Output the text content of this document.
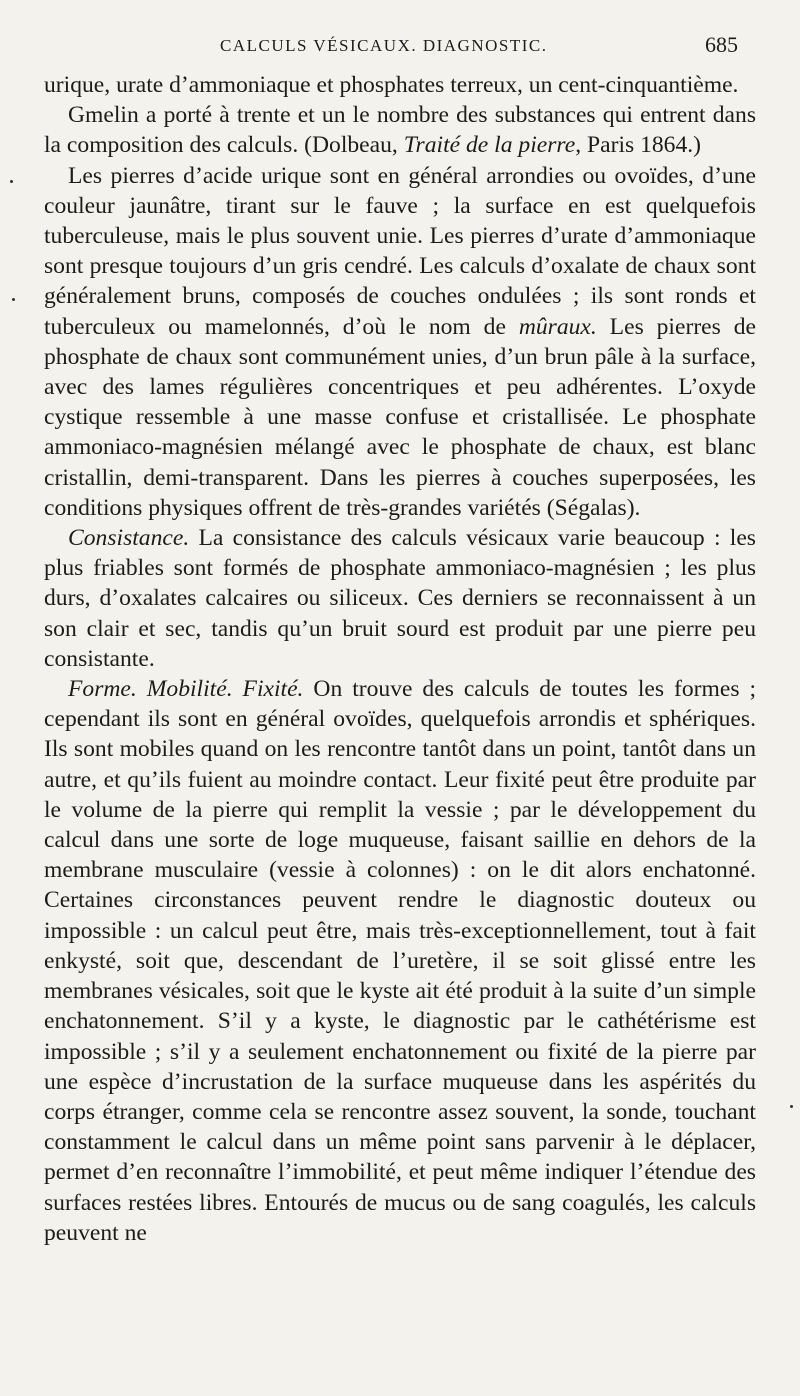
CALCULS VÉSICAUX. DIAGNOSTIC.	685

urique, urate d’ammoniaque et phosphates terreux, un cent-cinquantième.

Gmelin a porté à trente et un le nombre des substances qui entrent dans la composition des calculs. (Dolbeau, Traité de la pierre, Paris 1864.)

Les pierres d’acide urique sont en général arrondies ou ovoïdes, d’une couleur jaunâtre, tirant sur le fauve ; la surface en est quelquefois tuberculeuse, mais le plus souvent unie. Les pierres d’urate d’ammoniaque sont presque toujours d’un gris cendré. Les calculs d’oxalate de chaux sont généralement bruns, composés de couches ondulées ; ils sont ronds et tuberculeux ou mamelonnés, d’où le nom de mûraux. Les pierres de phosphate de chaux sont communément unies, d’un brun pâle à la surface, avec des lames régulières concentriques et peu adhérentes. L’oxyde cystique ressemble à une masse confuse et cristallisée. Le phosphate ammoniaco-magnésien mélangé avec le phosphate de chaux, est blanc cristallin, demi-transparent. Dans les pierres à couches superposées, les conditions physiques offrent de très-grandes variétés (Ségalas).

Consistance. La consistance des calculs vésicaux varie beaucoup : les plus friables sont formés de phosphate ammoniaco-magnésien ; les plus durs, d’oxalates calcaires ou siliceux. Ces derniers se reconnaissent à un son clair et sec, tandis qu’un bruit sourd est produit par une pierre peu consistante.

Forme. Mobilité. Fixité. On trouve des calculs de toutes les formes ; cependant ils sont en général ovoïdes, quelquefois arrondis et sphériques. Ils sont mobiles quand on les rencontre tantôt dans un point, tantôt dans un autre, et qu’ils fuient au moindre contact. Leur fixité peut être produite par le volume de la pierre qui remplit la vessie ; par le développement du calcul dans une sorte de loge muqueuse, faisant saillie en dehors de la membrane musculaire (vessie à colonnes) : on le dit alors enchatonné. Certaines circonstances peuvent rendre le diagnostic douteux ou impossible : un calcul peut être, mais très-exceptionnellement, tout à fait enkysté, soit que, descendant de l’uretère, il se soit glissé entre les membranes vésicales, soit que le kyste ait été produit à la suite d’un simple enchatonnement. S’il y a kyste, le diagnostic par le cathétérisme est impossible ; s’il y a seulement enchatonnement ou fixité de la pierre par une espèce d’incrustation de la surface muqueuse dans les aspérités du corps étranger, comme cela se rencontre assez souvent, la sonde, touchant constamment le calcul dans un même point sans parvenir à le déplacer, permet d’en reconnaître l’immobilité, et peut même indiquer l’étendue des surfaces restées libres. Entourés de mucus ou de sang coagulés, les calculs peuvent ne
